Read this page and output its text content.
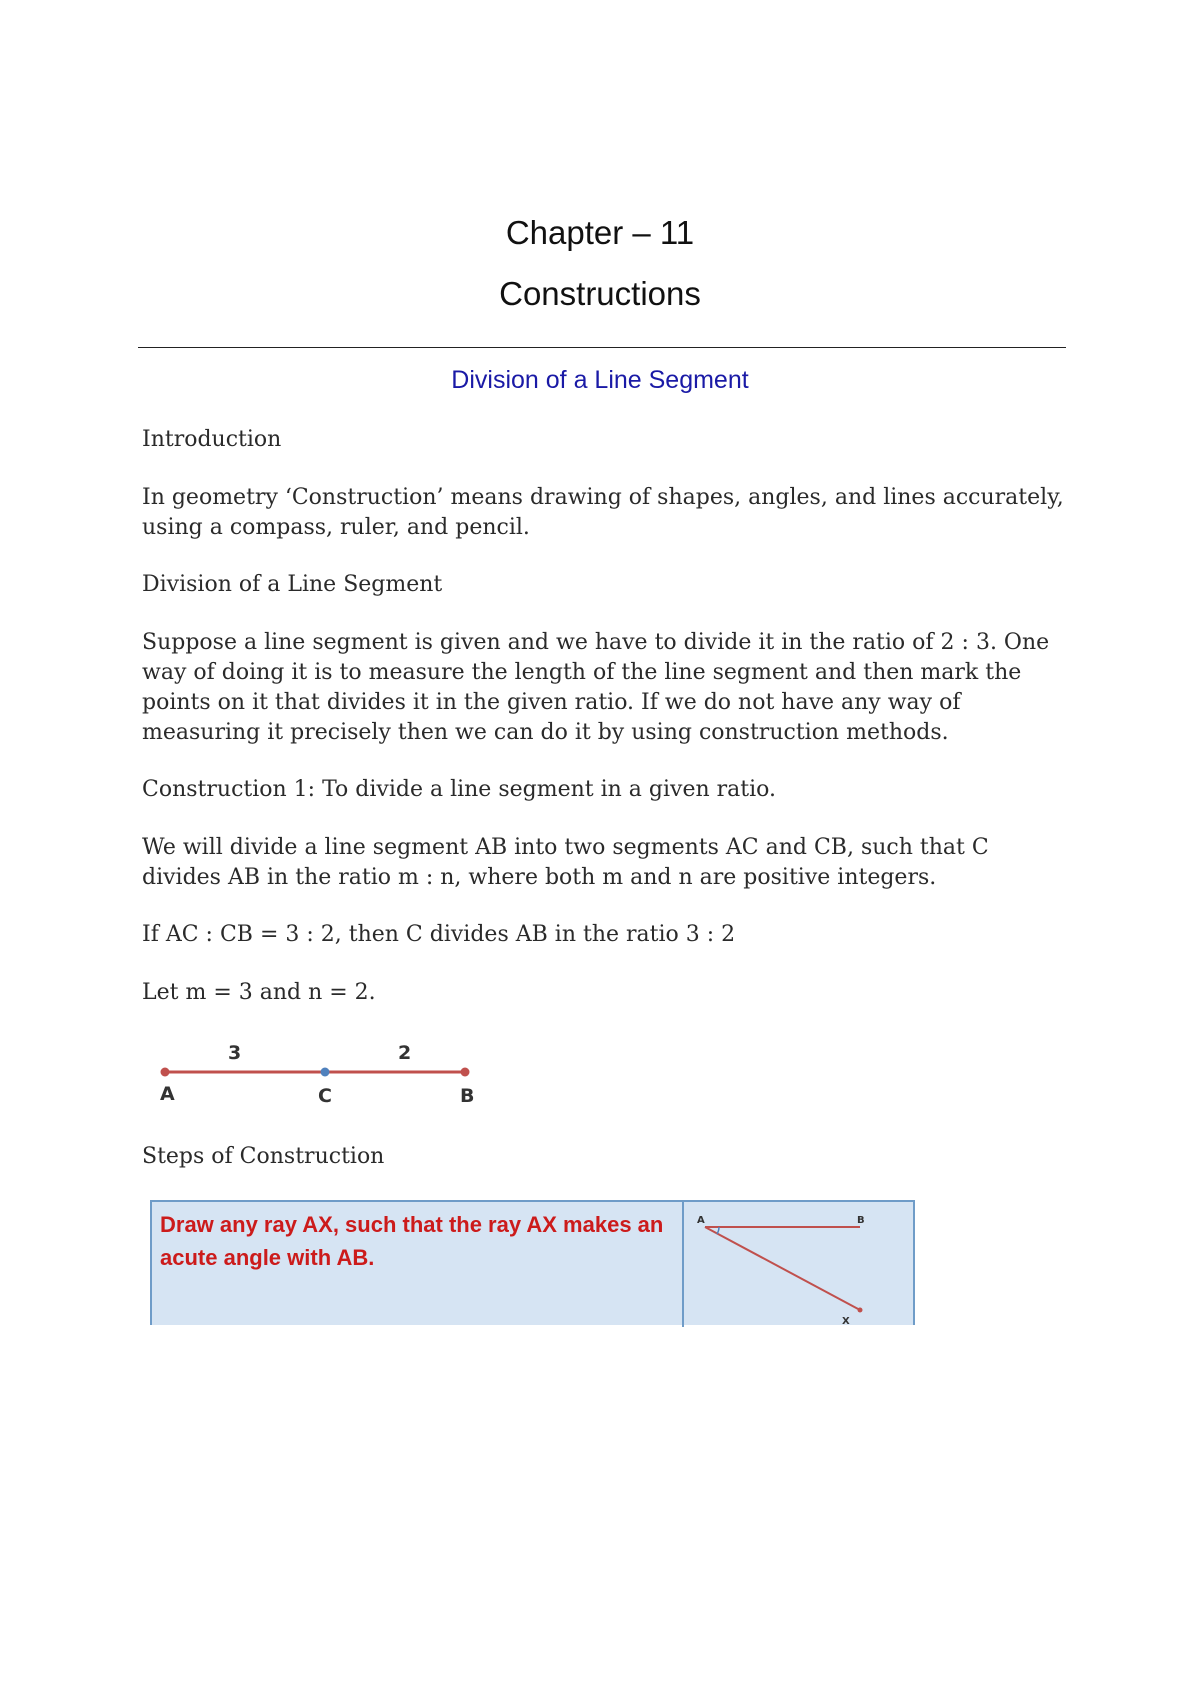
Chapter – 11
Constructions
Division of a Line Segment
Introduction
In geometry ‘Construction’ means drawing of shapes, angles, and lines accurately, using a compass, ruler, and pencil.
Division of a Line Segment
Suppose a line segment is given and we have to divide it in the ratio of 2 : 3. One way of doing it is to measure the length of the line segment and then mark the points on it that divides it in the given ratio. If we do not have any way of measuring it precisely then we can do it by using construction methods.
Construction 1: To divide a line segment in a given ratio.
We will divide a line segment AB into two segments AC and CB, such that C divides AB in the ratio m : n, where both m and n are positive integers.
If AC : CB = 3 : 2, then C divides AB in the ratio 3 : 2
Let m = 3 and n = 2.
3	2
A	C	B
Steps of Construction
Draw any ray AX, such that the ray AX makes an acute angle with AB.
A	B
X
